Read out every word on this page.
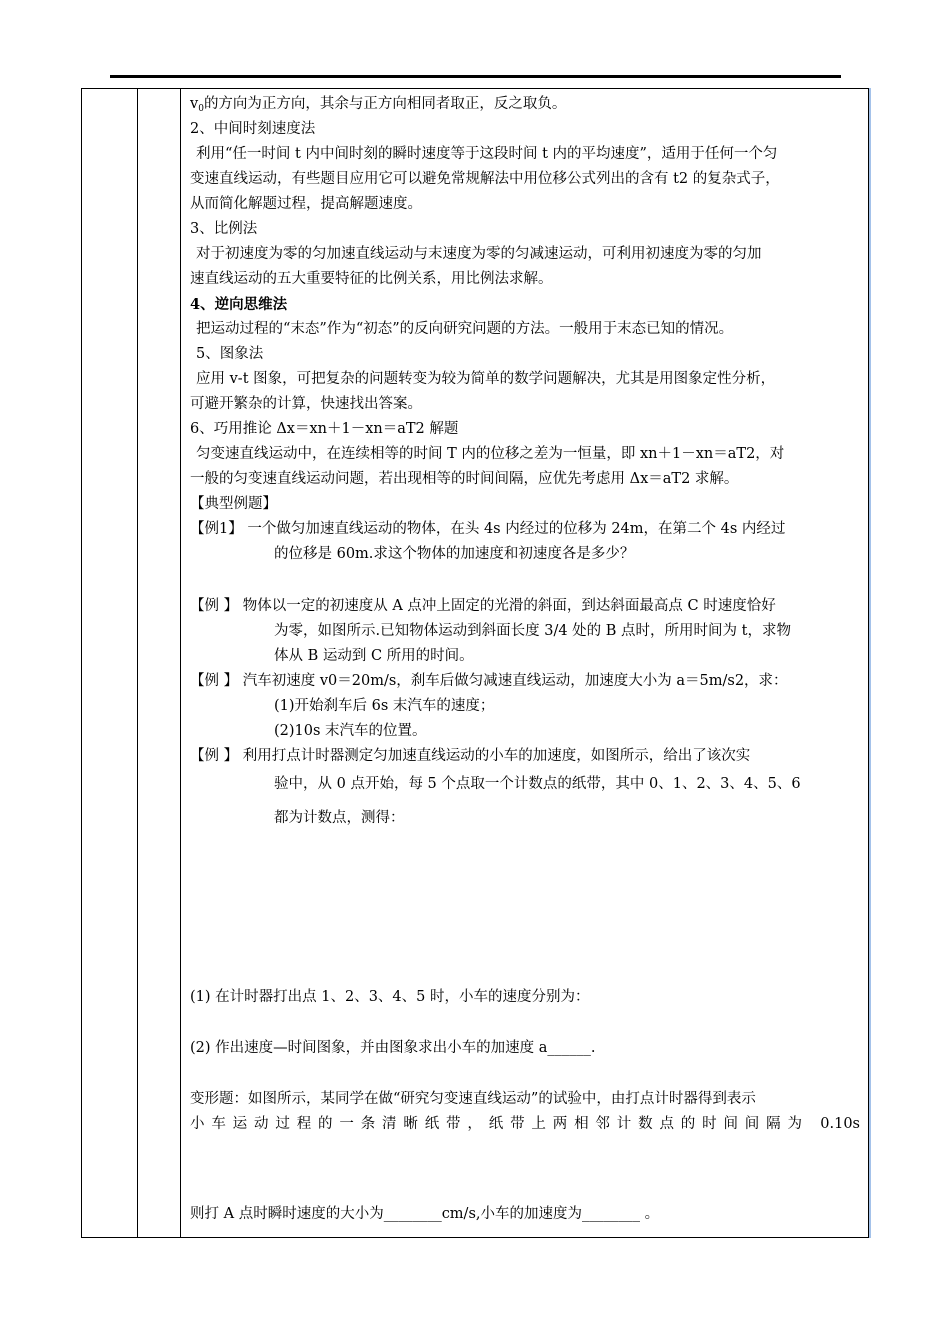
$v_0$的方向为正方向，其余与正方向相同者取正，反之取负。

2、中间时刻速度法

利用“任一时间 t 内中间时刻的瞬时速度等于这段时间 t 内的平均速度”，适用于任何一个匀

变速直线运动，有些题目应用它可以避免常规解法中用位移公式列出的含有 t2 的复杂式子，

从而简化解题过程，提高解题速度。

3、比例法

对于初速度为零的匀加速直线运动与末速度为零的匀减速运动，可利用初速度为零的匀加

速直线运动的五大重要特征的比例关系，用比例法求解。

4、逆向思维法

把运动过程的“末态”作为“初态”的反向研究问题的方法。一般用于末态已知的情况。

5、图象法

应用 v-t 图象，可把复杂的问题转变为较为简单的数学问题解决，尤其是用图象定性分析，

可避开繁杂的计算，快速找出答案。

6、巧用推论 Δx＝xn＋1－xn＝aT2 解题

匀变速直线运动中，在连续相等的时间 T 内的位移之差为一恒量，即 xn＋1－xn＝aT2，对

一般的匀变速直线运动问题，若出现相等的时间间隔，应优先考虑用 Δx＝aT2 求解。

【典型例题】

【例1】 一个做匀加速直线运动的物体，在头 4s 内经过的位移为 24m，在第二个 4s 内经过

的位移是 60m.求这个物体的加速度和初速度各是多少？

【例 】 物体以一定的初速度从 A 点冲上固定的光滑的斜面，到达斜面最高点 C 时速度恰好

为零，如图所示.已知物体运动到斜面长度 3/4 处的 B 点时，所用时间为 t，求物

体从 B 运动到 C 所用的时间。

【例 】 汽车初速度 v0＝20m/s，刹车后做匀减速直线运动，加速度大小为 a＝5m/s2，求：

(1)开始刹车后 6s 末汽车的速度；

(2)10s 末汽车的位置。

【例 】 利用打点计时器测定匀加速直线运动的小车的加速度，如图所示，给出了该次实

验中，从 0 点开始，每 5 个点取一个计数点的纸带，其中 0、1、2、3、4、5、6

都为计数点，测得：

(1) 在计时器打出点 1、2、3、4、5 时，小车的速度分别为：

(2) 作出速度—时间图象，并由图象求出小车的加速度 a______.

变形题：如图所示，某同学在做“研究匀变速直线运动”的试验中，由打点计时器得到表示

小车运动过程的一条清晰纸带，纸带上两相邻计数点的时间间隔为 0.10s

则打 A 点时瞬时速度的大小为________cm/s,小车的加速度为________ 。
